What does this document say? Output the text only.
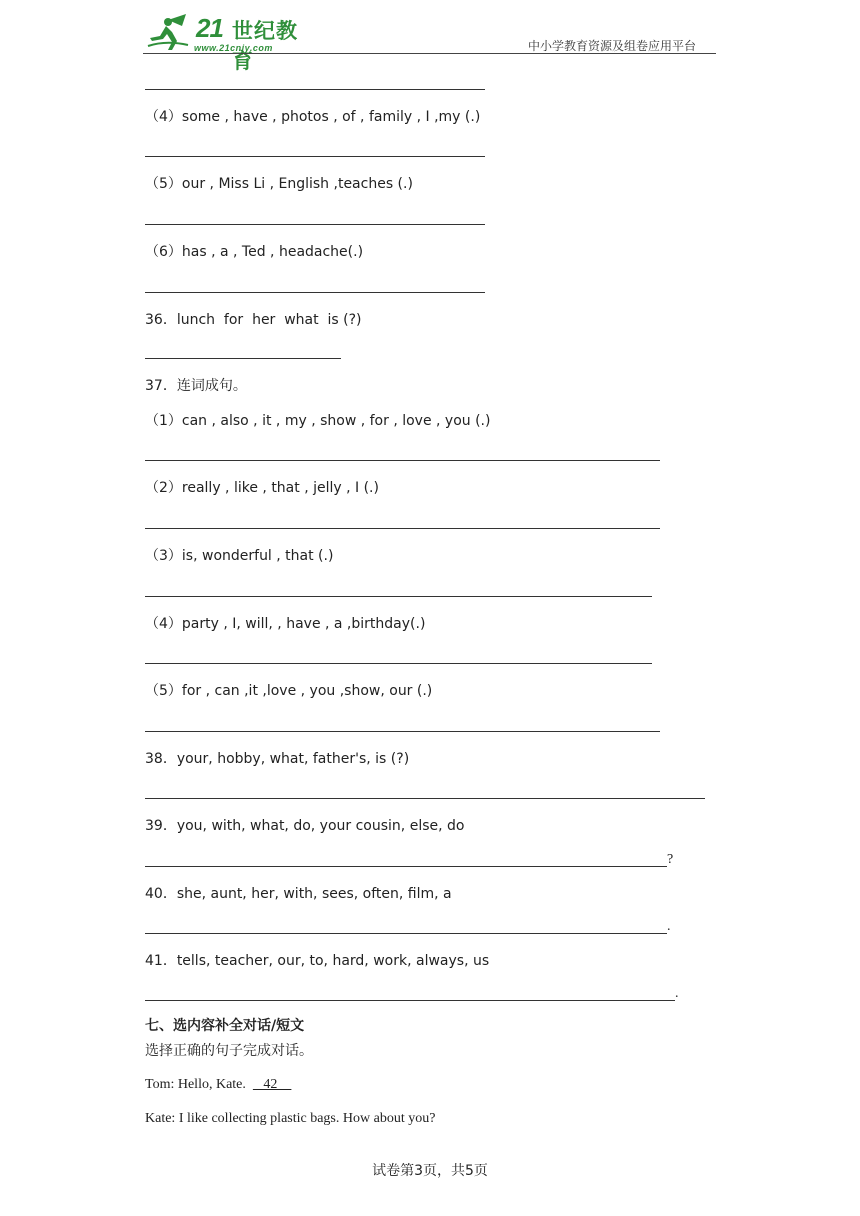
21 世纪教育
www.21cnjy.com	中小学教育资源及组卷应用平台
（4）some , have , photos , of , family , I ,my (.)
（5）our , Miss Li , English ,teaches (.)
（6）has , a , Ted , headache(.)
36．lunch  for  her  what  is (?)
37．连词成句。
（1）can , also , it , my , show , for , love , you (.)
（2）really , like , that , jelly , I (.)
（3）is, wonderful , that (.)
（4）party , I, will, , have , a ,birthday(.)
（5）for , can ,it ,love , you ,show, our (.)
38．your, hobby, what, father's, is (?)
39．you, with, what, do, your cousin, else, do
?
40．she, aunt, her, with, sees, often, film, a
.
41．tells, teacher, our, to, hard, work, always, us
.
七、选内容补全对话/短文
选择正确的句子完成对话。
Tom: Hello, Kate.     42
Kate: I like collecting plastic bags. How about you?
试卷第3页，共5页
